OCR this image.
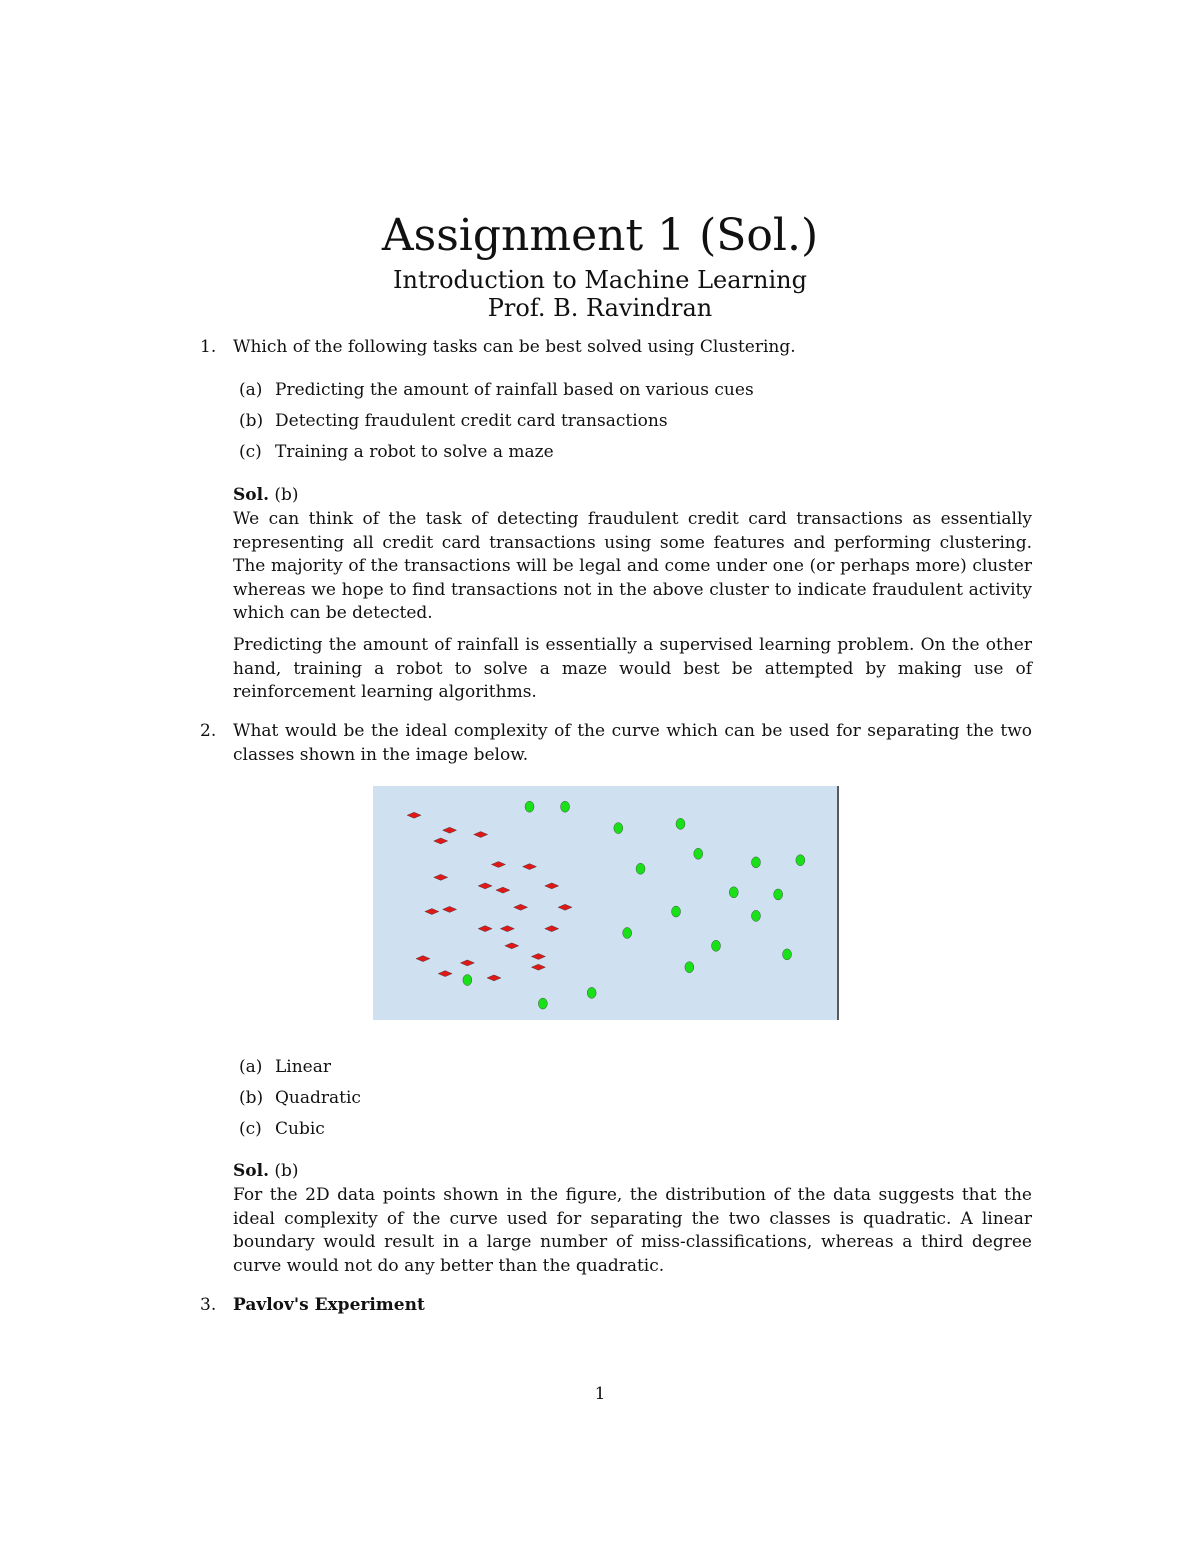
Assignment 1 (Sol.)
Introduction to Machine Learning
Prof. B. Ravindran
1. Which of the following tasks can be best solved using Clustering.
(a) Predicting the amount of rainfall based on various cues
(b) Detecting fraudulent credit card transactions
(c) Training a robot to solve a maze
Sol. (b)
We can think of the task of detecting fraudulent credit card transactions as essentially representing all credit card transactions using some features and performing clustering. The majority of the transactions will be legal and come under one (or perhaps more) cluster whereas we hope to find transactions not in the above cluster to indicate fraudulent activity which can be detected.
Predicting the amount of rainfall is essentially a supervised learning problem. On the other hand, training a robot to solve a maze would best be attempted by making use of reinforcement learning algorithms.
2. What would be the ideal complexity of the curve which can be used for separating the two classes shown in the image below.
(a) Linear
(b) Quadratic
(c) Cubic
Sol. (b)
For the 2D data points shown in the figure, the distribution of the data suggests that the ideal complexity of the curve used for separating the two classes is quadratic. A linear boundary would result in a large number of miss-classifications, whereas a third degree curve would not do any better than the quadratic.
3. Pavlov's Experiment
1
